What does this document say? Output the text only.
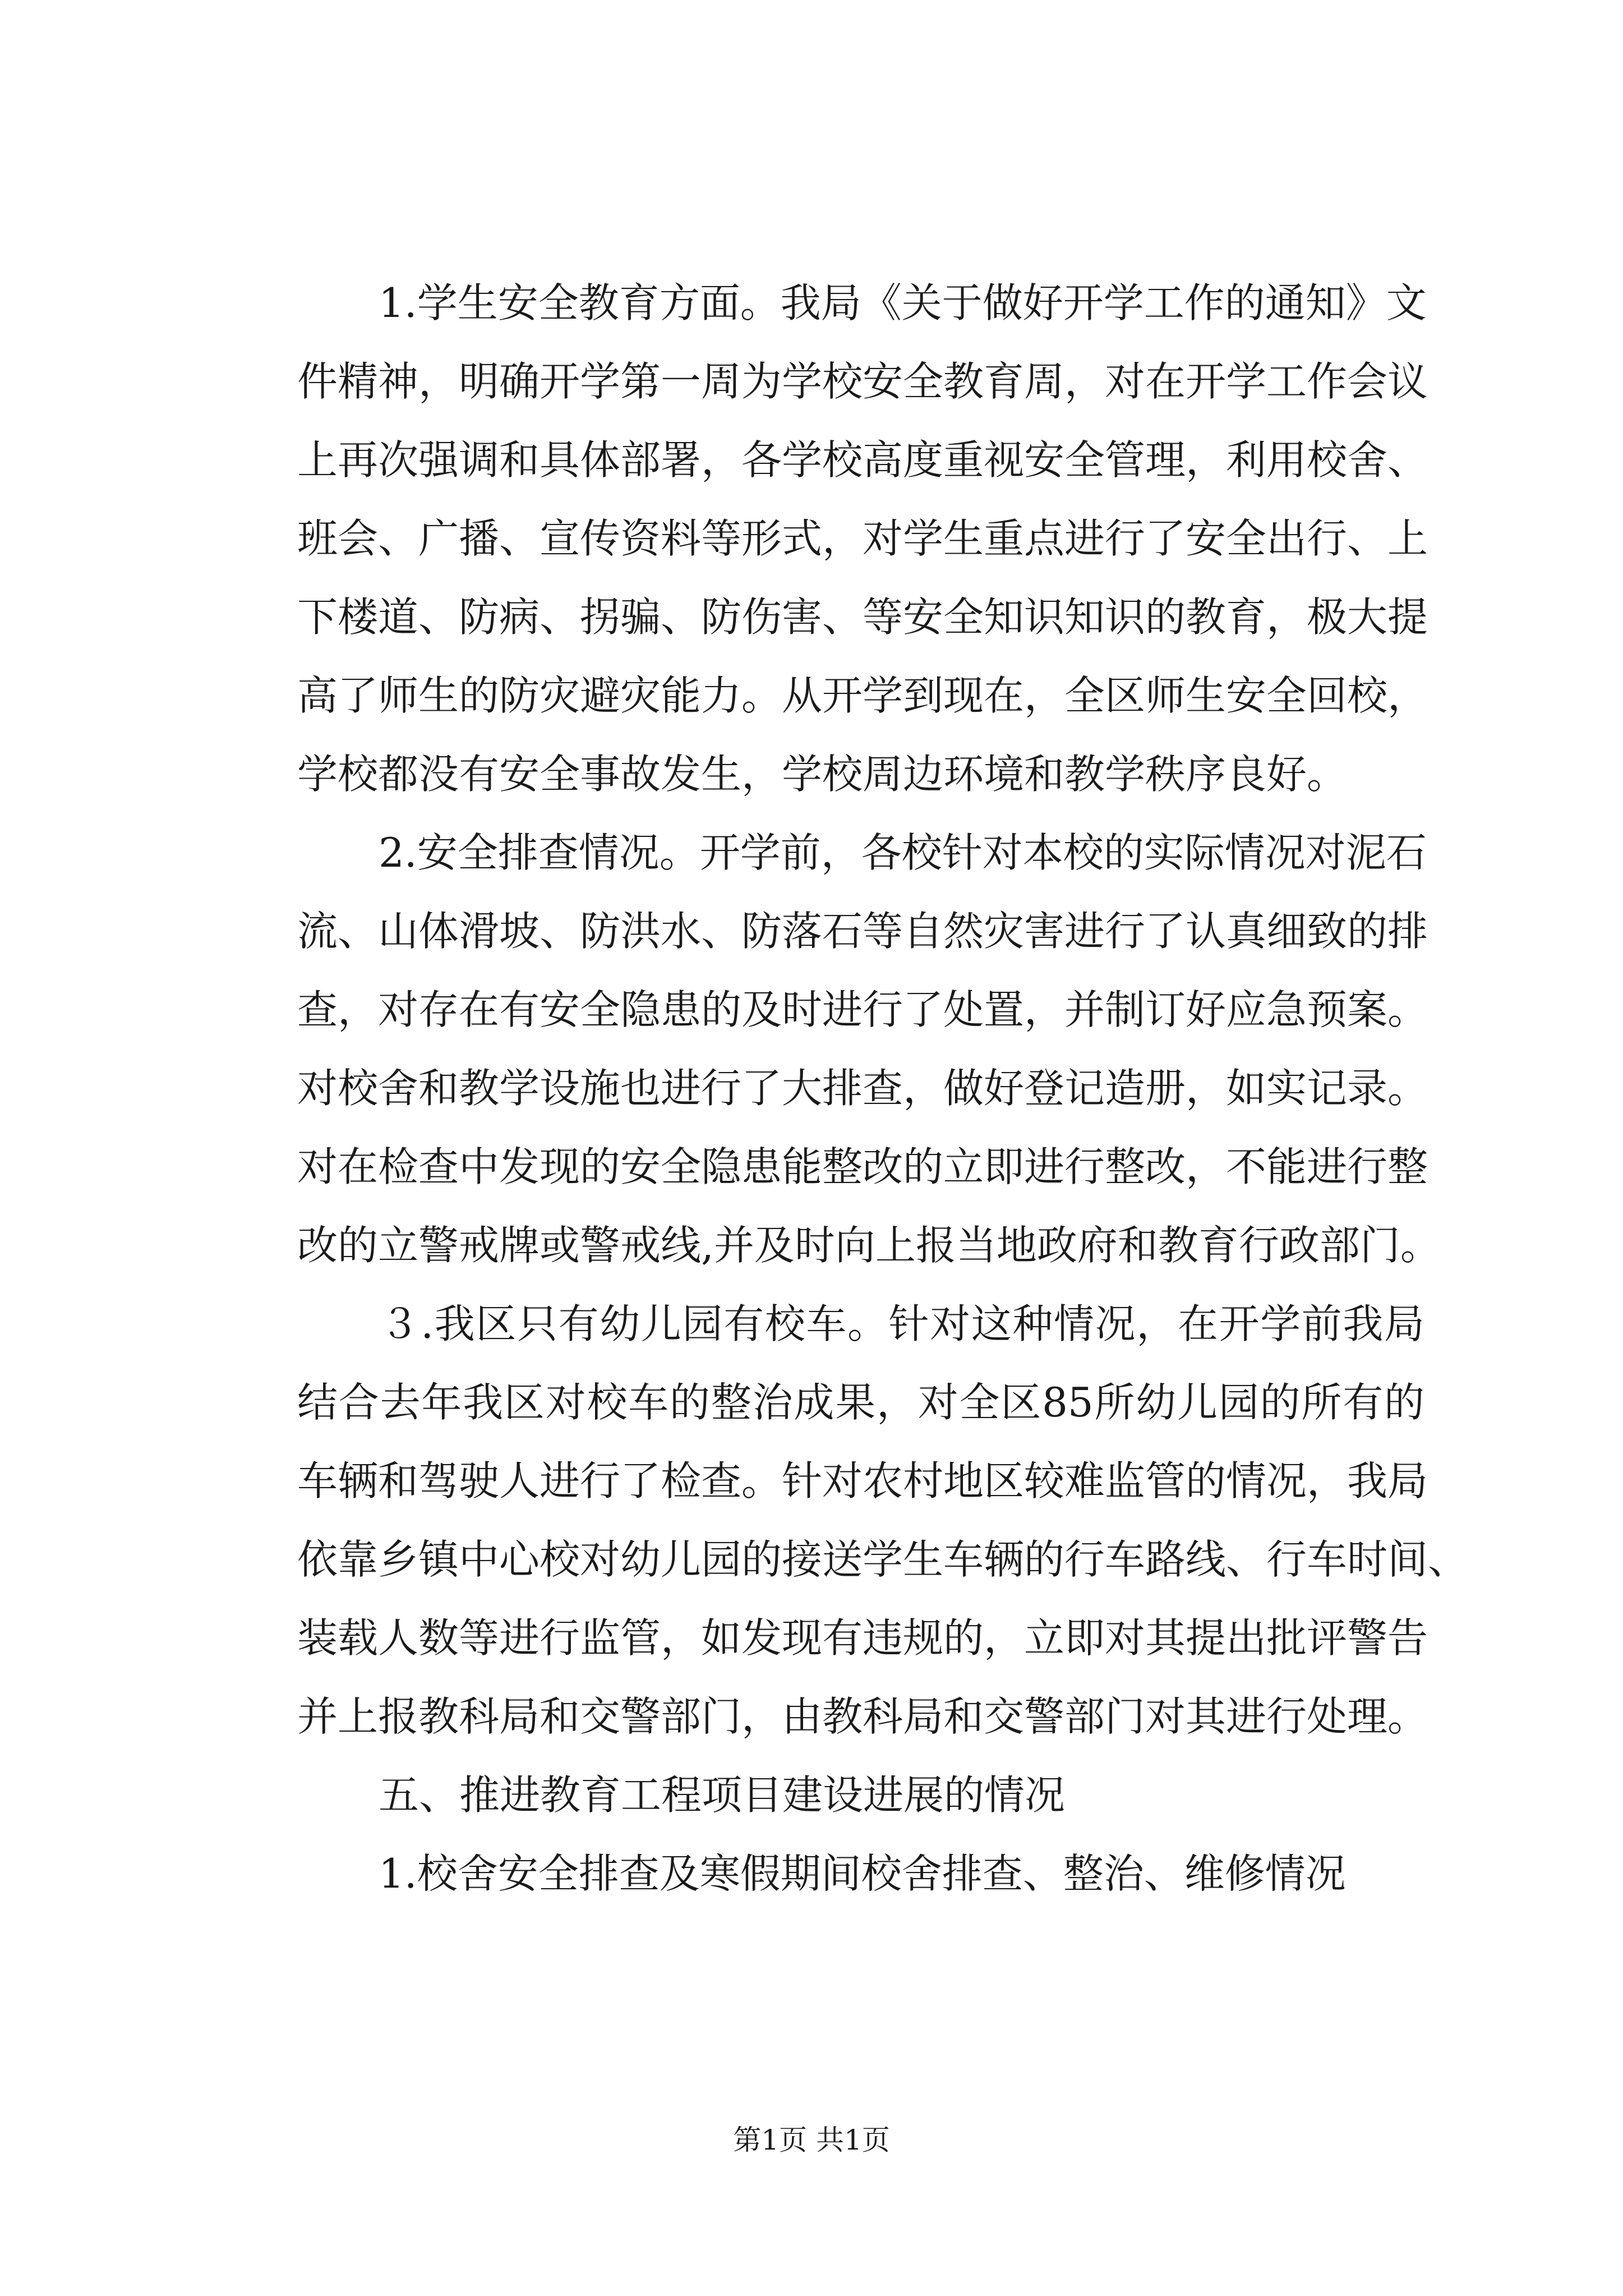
1.学生安全教育方面。我局《关于做好开学工作的通知》文
件精神，明确开学第一周为学校安全教育周，对在开学工作会议
上再次强调和具体部署，各学校高度重视安全管理，利用校舍、
班会、广播、宣传资料等形式，对学生重点进行了安全出行、上
下楼道、防病、拐骗、防伤害、等安全知识知识的教育，极大提
高了师生的防灾避灾能力。从开学到现在，全区师生安全回校，
学校都没有安全事故发生，学校周边环境和教学秩序良好。
2.安全排查情况。开学前，各校针对本校的实际情况对泥石
流、山体滑坡、防洪水、防落石等自然灾害进行了认真细致的排
查，对存在有安全隐患的及时进行了处置，并制订好应急预案。
对校舍和教学设施也进行了大排查，做好登记造册，如实记录。
对在检查中发现的安全隐患能整改的立即进行整改，不能进行整
改的立警戒牌或警戒线,并及时向上报当地政府和教育行政部门。
３.我区只有幼儿园有校车。针对这种情况，在开学前我局
结合去年我区对校车的整治成果，对全区85所幼儿园的所有的
车辆和驾驶人进行了检查。针对农村地区较难监管的情况，我局
依靠乡镇中心校对幼儿园的接送学生车辆的行车路线、行车时间、
装载人数等进行监管，如发现有违规的，立即对其提出批评警告
并上报教科局和交警部门，由教科局和交警部门对其进行处理。
五、推进教育工程项目建设进展的情况
1.校舍安全排查及寒假期间校舍排查、整治、维修情况
第1页 共1页
